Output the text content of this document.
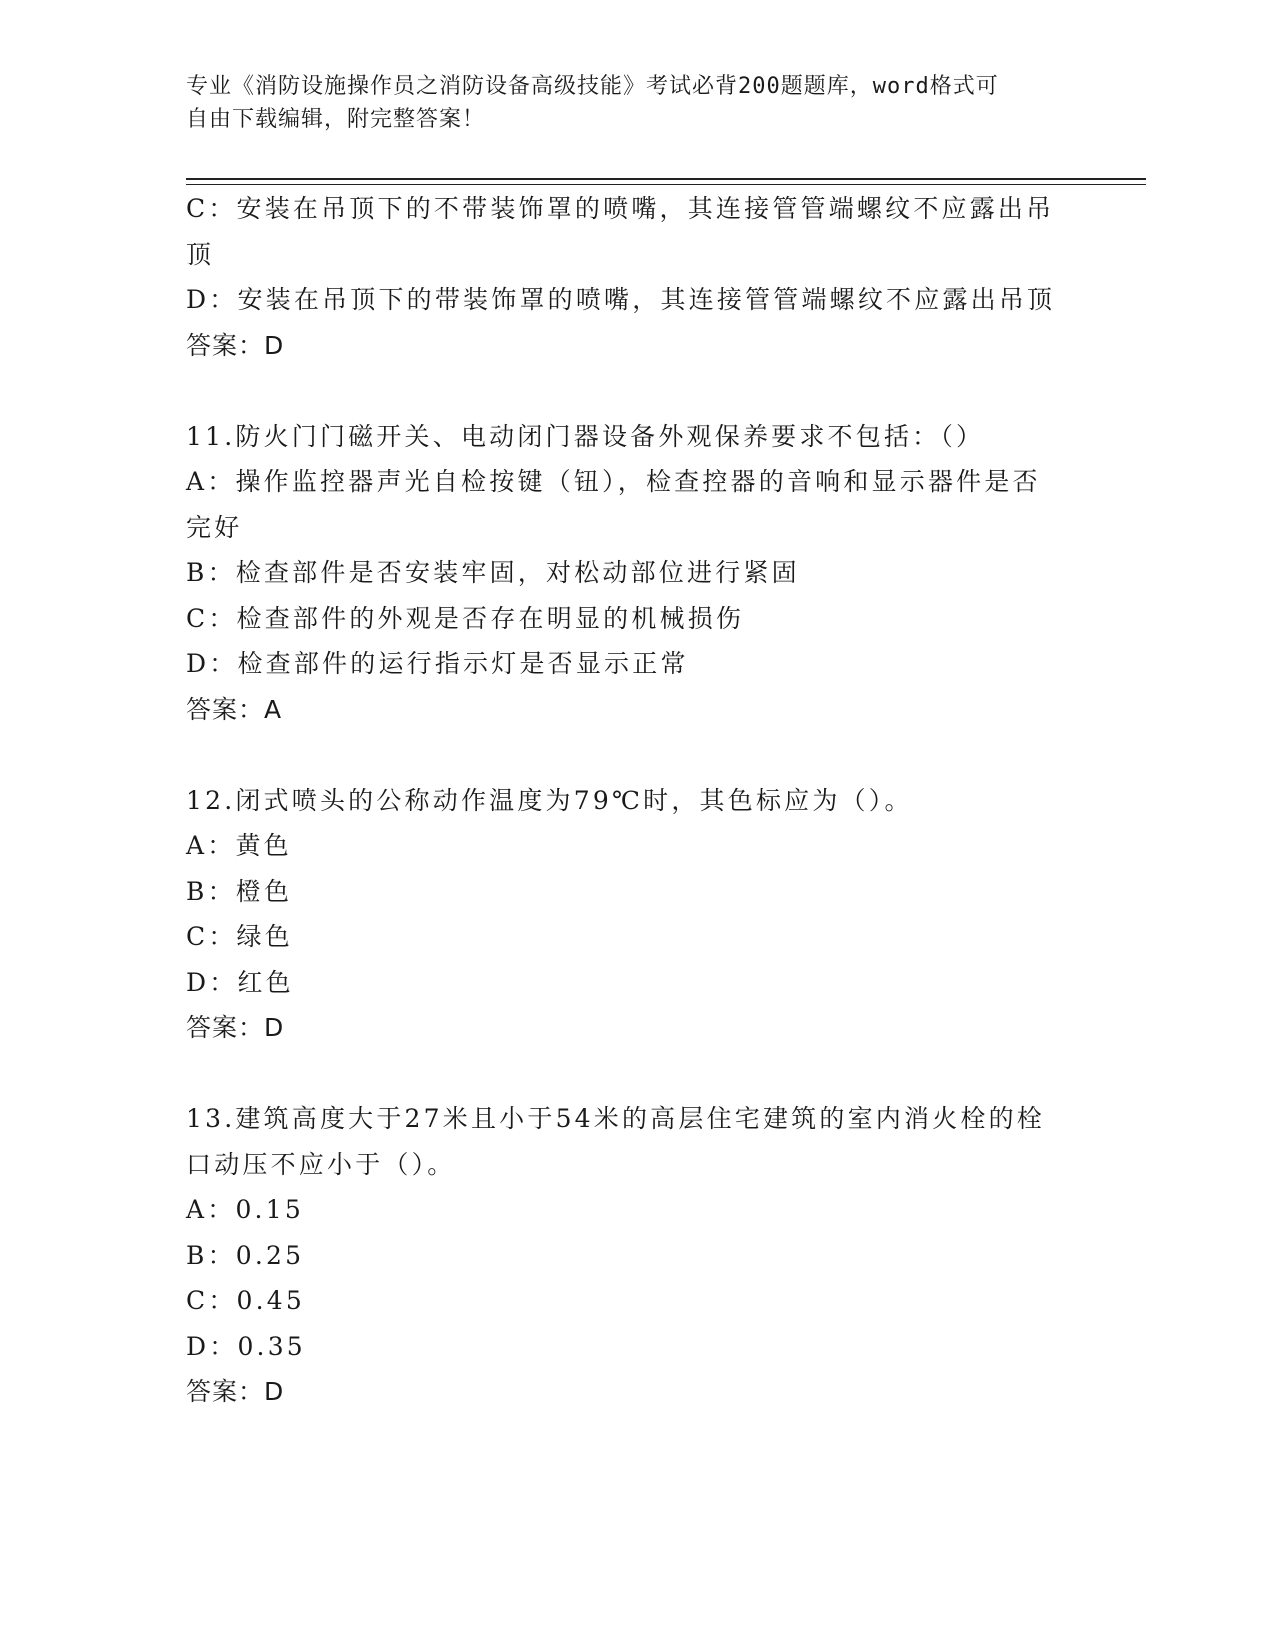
专业《消防设施操作员之消防设备高级技能》考试必背200题题库，word格式可
自由下载编辑，附完整答案！
C：安装在吊顶下的不带装饰罩的喷嘴，其连接管管端螺纹不应露出吊
顶
D：安装在吊顶下的带装饰罩的喷嘴，其连接管管端螺纹不应露出吊顶
答案：D
11.防火门门磁开关、电动闭门器设备外观保养要求不包括：（）
A：操作监控器声光自检按键（钮），检查控器的音响和显示器件是否
完好
B：检查部件是否安装牢固，对松动部位进行紧固
C：检查部件的外观是否存在明显的机械损伤
D：检查部件的运行指示灯是否显示正常
答案：A
12.闭式喷头的公称动作温度为79℃时，其色标应为（）。
A：黄色
B：橙色
C：绿色
D：红色
答案：D
13.建筑高度大于27米且小于54米的高层住宅建筑的室内消火栓的栓
口动压不应小于（）。
A：0.15
B：0.25
C：0.45
D：0.35
答案：D
